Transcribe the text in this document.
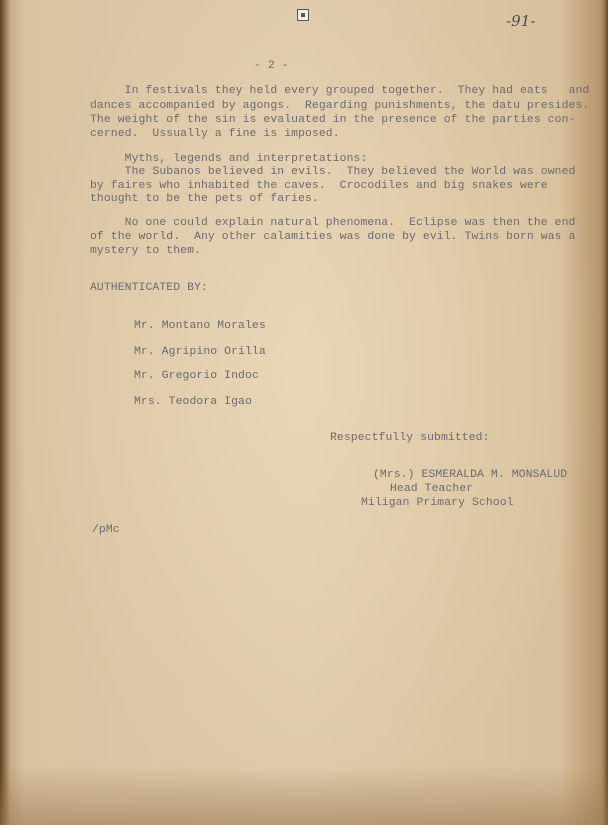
-91-
- 2 -
In festivals they held every grouped together.  They had eats   and
dances accompanied by agongs.  Regarding punishments, the datu presides.
The weight of the sin is evaluated in the presence of the parties con-
cerned.  Ussually a fine is imposed.
Myths, legends and interpretations:
The Subanos believed in evils.  They believed the World was owned
by faires who inhabited the caves.  Crocodiles and big snakes were
thought to be the pets of faries.
No one could explain natural phenomena.  Eclipse was then the end
of the world.  Any other calamities was done by evil. Twins born was a
mystery to them.
AUTHENTICATED BY:
Mr. Montano Morales
Mr. Agripino Orilla
Mr. Gregorio Indoc
Mrs. Teodora Igao
Respectfully submitted:
(Mrs.) ESMERALDA M. MONSALUD
Head Teacher
Miligan Primary School
/pMc
